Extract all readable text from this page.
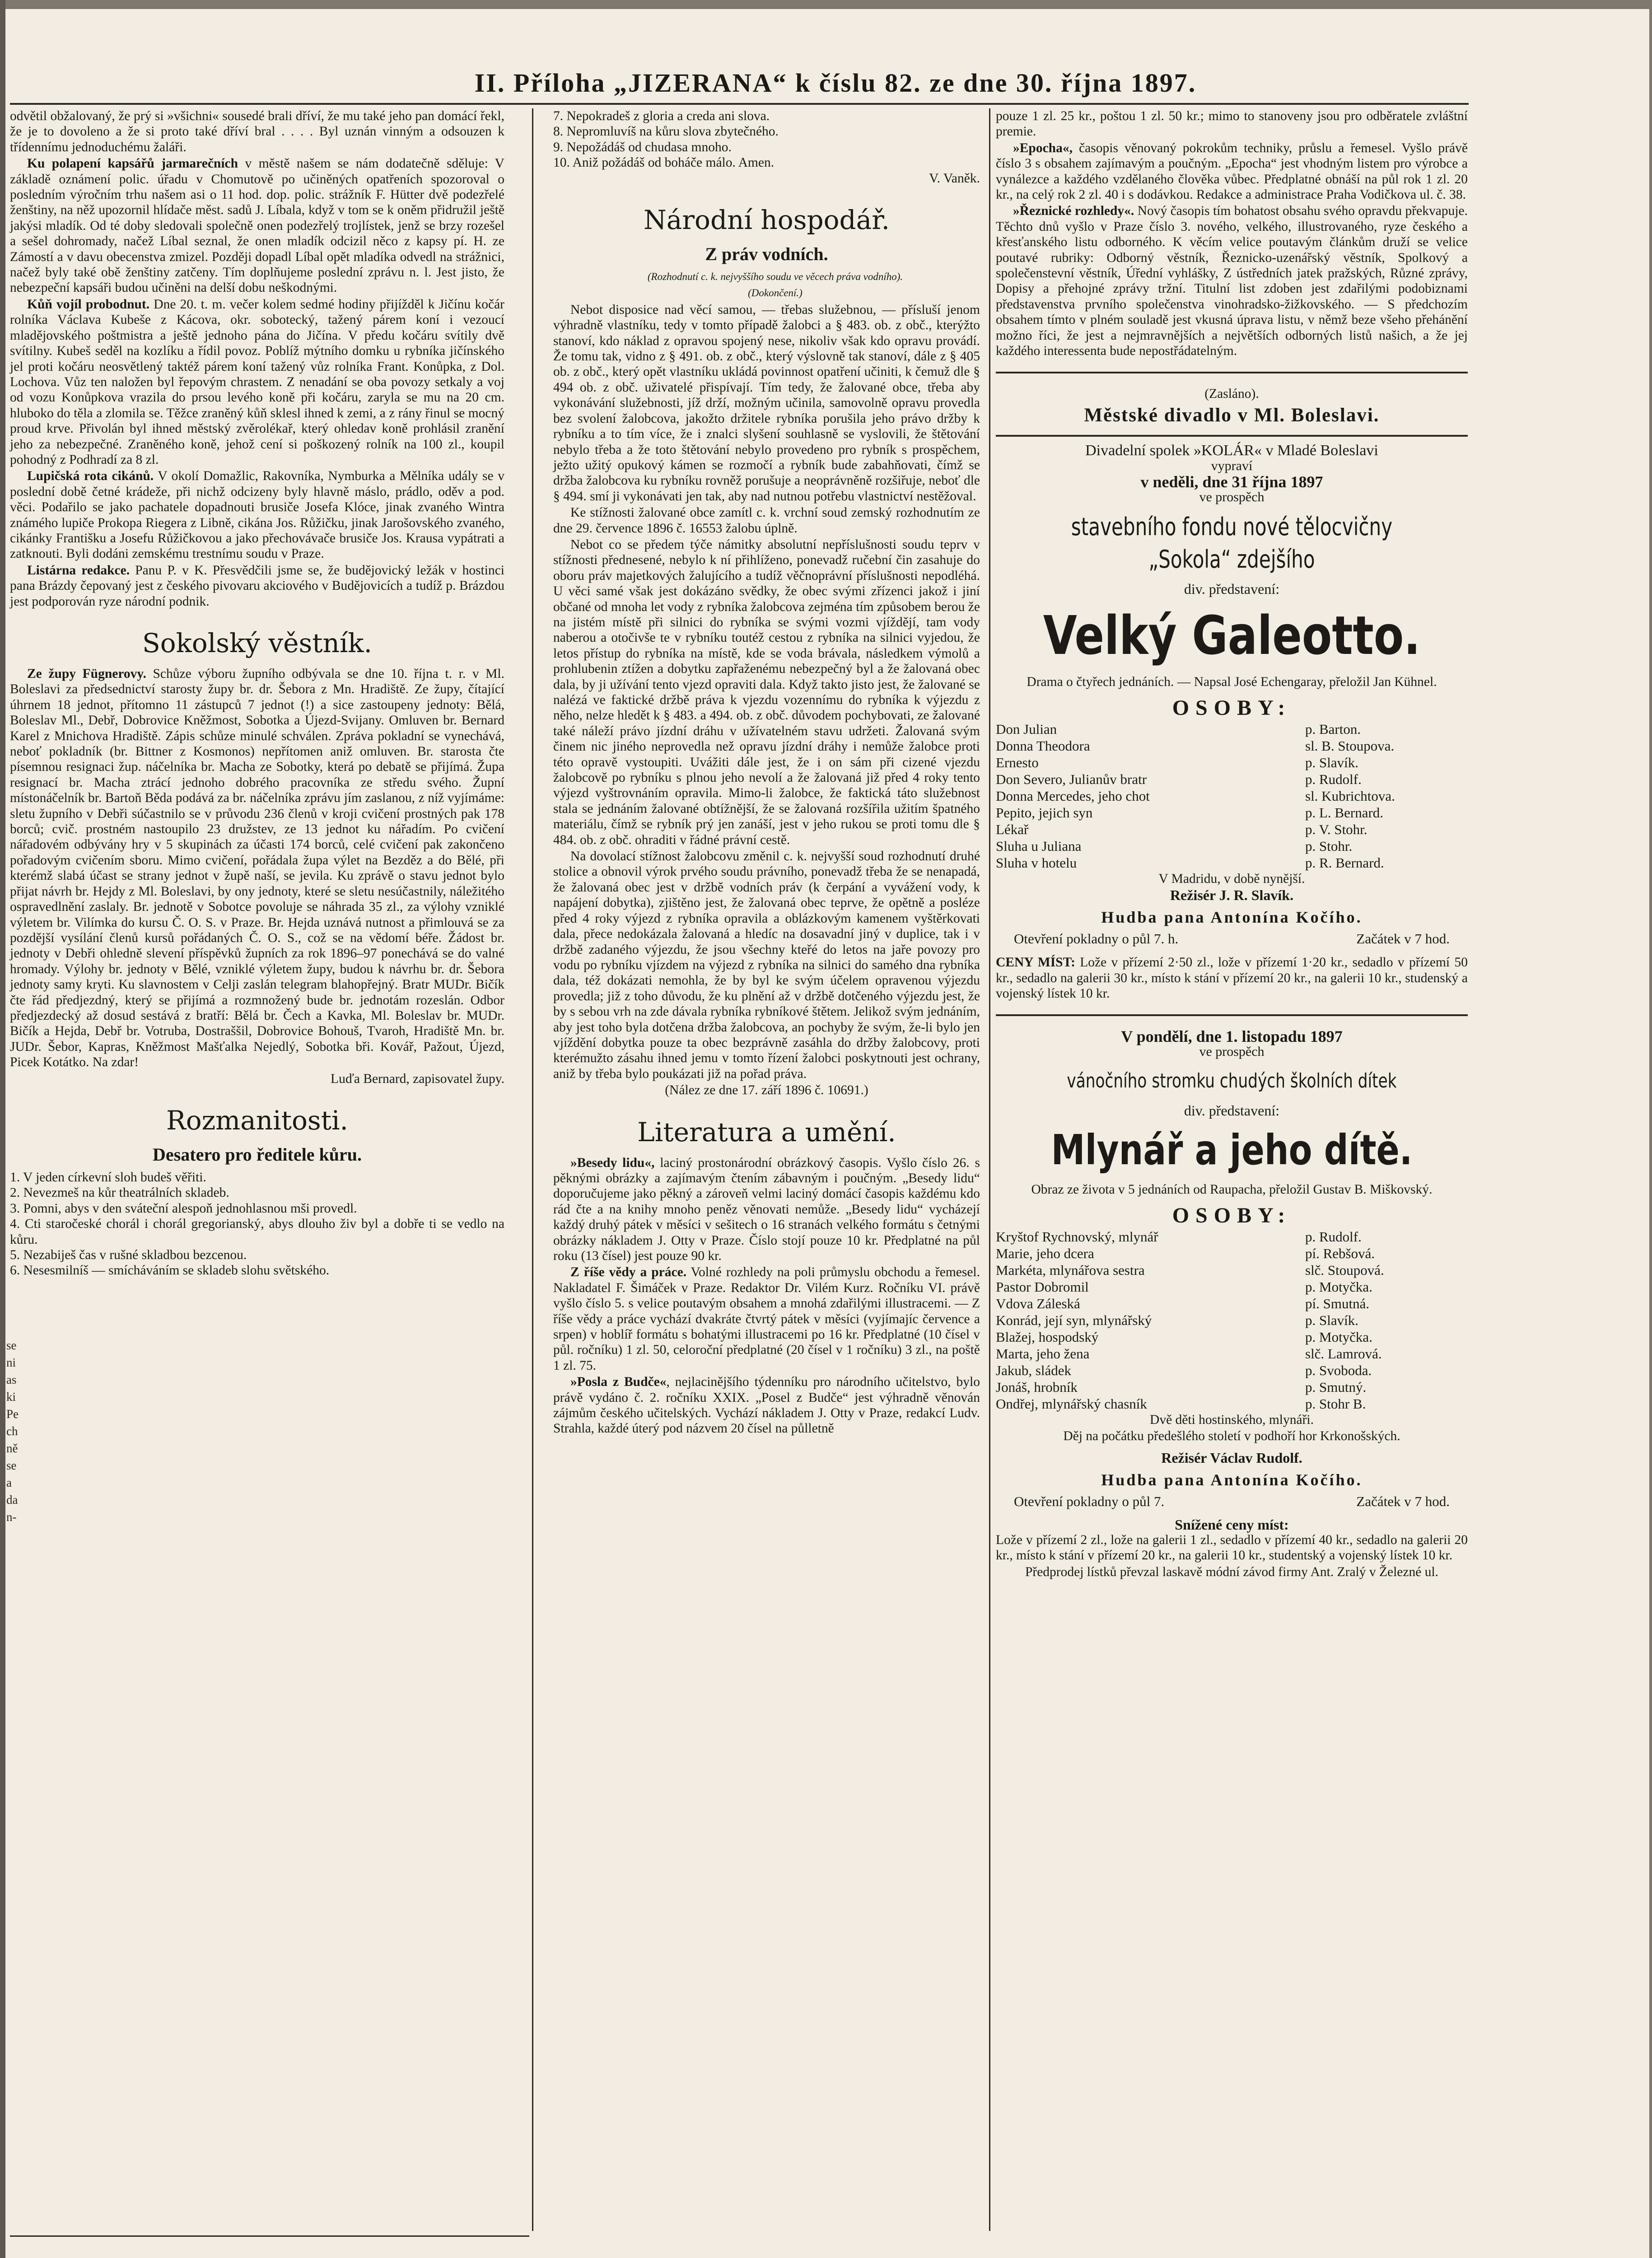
II. Příloha „JIZERANA“ k číslu 82. ze dne 30. října 1897.

odvětil obžalovaný, že prý si »všichni« sousedé brali dříví, že mu také jeho pan domácí řekl, že je to dovoleno a že si proto také dříví bral . . . . Byl uznán vinným a odsouzen k třídennímu jednoduchému žaláři.

Ku polapení kapsářů jarmarečních v městě našem se nám dodatečně sděluje: V základě oznámení polic. úřadu v Chomutově po učiněných opatřeních spozoroval o posledním výročním trhu našem asi o 11 hod. dop. polic. strážník F. Hütter dvě podezřelé ženštiny, na něž upozornil hlídače měst. sadů J. Líbala, když v tom se k oněm přidružil ještě jakýsi mladík. Od té doby sledovali společně onen podezřelý trojlístek, jenž se brzy rozešel a sešel dohromady, načež Líbal seznal, že onen mladík odcizil něco z kapsy pí. H. ze Zámostí a v davu obecenstva zmizel. Později dopadl Líbal opět mladíka odvedl na strážnici, načež byly také obě ženštiny zatčeny. Tím doplňujeme poslední zprávu n. l. Jest jisto, že nebezpeční kapsáři budou učiněni na delší dobu neškodnými.

Kůň vojíl probodnut. Dne 20. t. m. večer kolem sedmé hodiny přijížděl k Jičínu kočár rolníka Václava Kubeše z Kácova, okr. sobotecký, tažený párem koní i vezoucí mladějovského poštmistra a ještě jednoho pána do Jičína. V předu kočáru svítily dvě svítilny. Kubeš seděl na kozlíku a řídil povoz. Poblíž mýtního domku u rybníka jičínského jel proti kočáru neosvětlený taktéž párem koní tažený vůz rolníka Frant. Konůpka, z Dol. Lochova. Vůz ten naložen byl řepovým chrastem. Z nenadání se oba povozy setkaly a voj od vozu Konůpkova vrazila do prsou levého koně při kočáru, zaryla se mu na 20 cm. hluboko do těla a zlomila se. Těžce zraněný kůň sklesl ihned k zemi, a z rány řinul se mocný proud krve. Přivolán byl ihned městský zvěrolékař, který ohledav koně prohlásil zranění jeho za nebezpečné. Zraněného koně, jehož cení si poškozený rolník na 100 zl., koupil pohodný z Podhradí za 8 zl.

Lupičská rota cikánů. V okolí Domažlic, Rakovníka, Nymburka a Mělníka udály se v poslední době četné krádeže, při nichž odcizeny byly hlavně máslo, prádlo, oděv a pod. věci. Podařilo se jako pachatele dopadnouti brusiče Josefa Klóce, jinak zvaného Wintra známého lupiče Prokopa Riegera z Libně, cikána Jos. Růžičku, jinak Jarošovského zvaného, cikánky Františku a Josefu Růžičkovou a jako přechovávače brusiče Jos. Krausa vypátrati a zatknouti. Byli dodáni zemskému trestnímu soudu v Praze.

Listárna redakce. Panu P. v K. Přesvědčili jsme se, že budějovický ležák v hostinci pana Brázdy čepovaný jest z českého pivovaru akciového v Budějovicích a tudíž p. Brázdou jest podporován ryze národní podnik.

Sokolský věstník.

Ze župy Fügnerovy. Schůze výboru župního odbývala se dne 10. října t. r. v Ml. Boleslavi za předsednictví starosty župy br. dr. Šebora z Mn. Hradiště. Ze župy, čítající úhrnem 18 jednot, přítomno 11 zástupců 7 jednot (!) a sice zastoupeny jednoty: Bělá, Boleslav Ml., Debř, Dobrovice Kněžmost, Sobotka a Újezd-Svijany. Omluven br. Bernard Karel z Mnichova Hradiště. Zápis schůze minulé schválen. Zpráva pokladní se vynechává, neboť pokladník (br. Bittner z Kosmonos) nepřítomen aniž omluven. Br. starosta čte písemnou resignaci žup. náčelníka br. Macha ze Sobotky, která po debatě se přijímá. Župa resignací br. Macha ztrácí jednoho dobrého pracovníka ze středu svého. Župní místonáčelník br. Bartoň Běda podává za br. náčelníka zprávu jím zaslanou, z níž vyjímáme: sletu župního v Debři súčastnilo se v průvodu 236 členů v kroji cvičení prostných pak 178 borců; cvič. prostném nastoupilo 23 družstev, ze 13 jednot ku nářadím. Po cvičení nářadovém odbývány hry v 5 skupinách za účasti 174 borců, celé cvičení pak zakončeno pořadovým cvičením sboru. Mimo cvičení, pořádala župa výlet na Bezděz a do Bělé, při kterémž slabá účast se strany jednot v župě naší, se jevila. Ku zprávě o stavu jednot bylo přijat návrh br. Hejdy z Ml. Boleslavi, by ony jednoty, které se sletu nesúčastnily, náležitého ospravedlnění zaslaly. Br. jednotě v Sobotce povoluje se náhrada 35 zl., za výlohy vzniklé výletem br. Vilímka do kursu Č. O. S. v Praze. Br. Hejda uznává nutnost a přimlouvá se za pozdější vysílání členů kursů pořádaných Č. O. S., což se na vědomí béře. Žádost br. jednoty v Debři ohledně slevení příspěvků župních za rok 1896–97 ponechává se do valné hromady. Výlohy br. jednoty v Bělé, vzniklé výletem župy, budou k návrhu br. dr. Šebora jednoty samy kryti. Ku slavnostem v Celji zaslán telegram blahopřejný. Bratr MUDr. Bičík čte řád předjezdný, který se přijímá a rozmnožený bude br. jednotám rozeslán. Odbor předjezdecký až dosud sestává z bratří: Bělá br. Čech a Kavka, Ml. Boleslav br. MUDr. Bičík a Hejda, Debř br. Votruba, Dostraššil, Dobrovice Bohouš, Tvaroh, Hradiště Mn. br. JUDr. Šebor, Kapras, Kněžmost Mašťalka Nejedlý, Sobotka bři. Kovář, Pažout, Újezd, Picek Kotátko. Na zdar!

Luďa Bernard, zapisovatel župy.

Rozmanitosti.
Desatero pro ředitele kůru.

1. V jeden církevní sloh budeš věřiti.

2. Nevezmeš na kůr theatrálních skladeb.

3. Pomni, abys v den sváteční alespoň jednohlasnou mši provedl.

4. Cti staročeské chorál i chorál gregorianský, abys dlouho živ byl a dobře ti se vedlo na kůru.

5. Nezabiješ čas v rušné skladbou bezcenou.

6. Nesesmilníš — smícháváním se skladeb slohu světského.

7. Nepokradeš z gloria a creda ani slova.

8. Nepromluvíš na kůru slova zbytečného.

9. Nepožádáš od chudasa mnoho.

10. Aniž požádáš od boháče málo. Amen.

V. Vaněk.

Národní hospodář.
Z práv vodních.

(Rozhodnutí c. k. nejvyššího soudu ve věcech práva vodního).

(Dokončení.)

Nebot disposice nad věcí samou, — třebas služebnou, — přísluší jenom výhradně vlastníku, tedy v tomto případě žalobci a § 483. ob. z obč., kterýžto stanoví, kdo náklad z opravou spojený nese, nikoliv však kdo opravu provádí. Že tomu tak, vidno z § 491. ob. z obč., který výslovně tak stanoví, dále z § 405 ob. z obč., který opět vlastníku ukládá povinnost opatření učiniti, k čemuž dle § 494 ob. z obč. uživatelé přispívají. Tím tedy, že žalované obce, třeba aby vykonávání služebnosti, jíž drží, možným učinila, samovolně opravu provedla bez svolení žalobcova, jakožto držitele rybníka porušila jeho právo držby k rybníku a to tím více, že i znalci slyšení souhlasně se vyslovili, že štětování nebylo třeba a že toto štětování nebylo provedeno pro rybník s prospěchem, ježto užitý opukový kámen se rozmočí a rybník bude zabahňovati, čímž se držba žalobcova ku rybníku rovněž porušuje a neoprávněně rozšiřuje, neboť dle § 494. smí ji vykonávati jen tak, aby nad nutnou potřebu vlastnictví nestěžoval.

Ke stížnosti žalované obce zamítl c. k. vrchní soud zemský rozhodnutím ze dne 29. července 1896 č. 16553 žalobu úplně.

Nebot co se předem týče námitky absolutní nepříslušnosti soudu teprv v stížnosti přednesené, nebylo k ní přihlíženo, ponevadž ručební čin zasahuje do oboru práv majetkových žalujícího a tudíž věčnoprávní příslušnosti nepodléhá. U věci samé však jest dokázáno svědky, že obec svými zřízenci jakož i jiní občané od mnoha let vody z rybníka žalobcova zejména tím způsobem berou že na jistém místě při silnici do rybníka se svými vozmi vjíždějí, tam vody naberou a otočivše te v rybníku toutéž cestou z rybníka na silnici vyjedou, že letos přístup do rybníka na místě, kde se voda brávala, následkem výmolů a prohlubenin ztížen a dobytku zapřaženému nebezpečný byl a že žalovaná obec dala, by ji užívání tento vjezd opraviti dala. Když takto jisto jest, že žalované se nalézá ve faktické držbě práva k vjezdu vozennímu do rybníka k výjezdu z něho, nelze hledět k § 483. a 494. ob. z obč. důvodem pochybovati, ze žalované také náleží právo jízdní dráhu v užívatelném stavu udržeti. Žalovaná svým činem nic jiného neprovedla než opravu jízdní dráhy i nemůže žalobce proti této opravě vystoupiti. Uvážiti dále jest, že i on sám při cizené vjezdu žalobcově po rybníku s plnou jeho nevolí a že žalovaná již před 4 roky tento výjezd vyštrovnáním opravila. Mimo-li žalobce, že faktická táto služebnost stala se jednáním žalované obtížnější, že se žalovaná rozšířila užitím špatného materiálu, čímž se rybník prý jen zanáší, jest v jeho rukou se proti tomu dle § 484. ob. z obč. ohraditi v řádné právní cestě.

Na dovolací stížnost žalobcovu změnil c. k. nejvyšší soud rozhodnutí druhé stolice a obnovil výrok prvého soudu právního, ponevadž třeba že se nenapadá, že žalovaná obec jest v držbě vodních práv (k čerpání a vyvážení vody, k napájení dobytka), zjištěno jest, že žalovaná obec teprve, že opětně a posléze před 4 roky výjezd z rybníka opravila a oblázkovým kamenem vyštěrkovati dala, přece nedokázala žalovaná a hledíc na dosavadní jiný v duplice, tak i v držbě zadaného výjezdu, že jsou všechny kteřé do letos na jaře povozy pro vodu po rybníku vjízdem na výjezd z rybníka na silnici do samého dna rybníka dala, též dokázati nemohla, že by byl ke svým účelem opravenou výjezdu provedla; již z toho důvodu, že ku plnění až v držbě dotčeného výjezdu jest, že by s sebou vrh na zde dávala rybníka rybníkové štětem. Jelikož svým jednáním, aby jest toho byla dotčena držba žalobcova, an pochyby že svým, že-li bylo jen vjíždění dobytka pouze ta obec bezprávně zasáhla do držby žalobcovy, proti kterémužto zásahu ihned jemu v tomto řízení žalobci poskytnouti jest ochrany, aniž by třeba bylo poukázati již na pořad práva.

(Nález ze dne 17. září 1896 č. 10691.)

Literatura a umění.

»Besedy lidu«, laciný prostonárodní obrázkový časopis. Vyšlo číslo 26. s pěknými obrázky a zajímavým čtením zábavným i poučným. „Besedy lidu“ doporučujeme jako pěkný a zároveň velmi laciný domácí časopis každému kdo rád čte a na knihy mnoho peněz věnovati nemůže. „Besedy lidu“ vycházejí každý druhý pátek v měsíci v sešitech o 16 stranách velkého formátu s četnými obrázky nákladem J. Otty v Praze. Číslo stojí pouze 10 kr. Předplatné na půl roku (13 čísel) jest pouze 90 kr.

Z říše vědy a práce. Volné rozhledy na poli průmyslu obchodu a řemesel. Nakladatel F. Šimáček v Praze. Redaktor Dr. Vilém Kurz. Ročníku VI. právě vyšlo číslo 5. s velice poutavým obsahem a mnohá zdařilými illustracemi. — Z říše vědy a práce vychází dvakráte čtvrtý pátek v měsíci (vyjímajíc července a srpen) v hoblíř formátu s bohatými illustracemi po 16 kr. Předplatné (10 čísel v půl. ročníku) 1 zl. 50, celoroční předplatné (20 čísel v 1 ročníku) 3 zl., na poště 1 zl. 75.

»Posla z Budče«, nejlacinějšího týdenníku pro národního učitelstvo, bylo právě vydáno č. 2. ročníku XXIX. „Posel z Budče“ jest výhradně věnován zájmům českého učitelských. Vychází nákladem J. Otty v Praze, redakcí Ludv. Strahla, každé úterý pod názvem 20 čísel na půlletně

pouze 1 zl. 25 kr., poštou 1 zl. 50 kr.; mimo to stanoveny jsou pro odběratele zvláštní premie.

»Epocha«, časopis věnovaný pokrokům techniky, průslu a řemesel. Vyšlo právě číslo 3 s obsahem zajímavým a poučným. „Epocha“ jest vhodným listem pro výrobce a vynálezce a každého vzdělaného člověka vůbec. Předplatné obnáší na půl rok 1 zl. 20 kr., na celý rok 2 zl. 40 i s dodávkou. Redakce a administrace Praha Vodičkova ul. č. 38.

»Řeznické rozhledy«. Nový časopis tím bohatost obsahu svého opravdu překvapuje. Těchto dnů vyšlo v Praze číslo 3. nového, velkého, illustrovaného, ryze českého a křesťanského listu odborného. K věcím velice poutavým článkům druží se velice poutavé rubriky: Odborný věstník, Řeznicko-uzenářský věstník, Spolkový a společenstevní věstník, Úřední vyhlášky, Z ústředních jatek pražských, Různé zprávy, Dopisy a přehojné zprávy tržní. Titulní list zdoben jest zdařilými podobiznami představenstva prvního společenstva vinohradsko-žižkovského. — S předchozím obsahem tímto v plném souladě jest vkusná úprava listu, v němž beze všeho přehánění možno říci, že jest a nejmravnějších a největších odborných listů našich, a že jej každého interessenta bude nepostřádatelným.

(Zasláno).

Městské divadlo v Ml. Boleslavi.
Divadelní spolek »KOLÁR« v Mladé Boleslavi
vypraví
v neděli, dne 31 října 1897
ve prospěch
stavebního fondu nové tělocvičny „Sokola“ zdejšího
div. představení:
Velký Galeotto.

Drama o čtyřech jednáních. — Napsal José Echengaray, přeložil Jan Kühnel.

OSOBY:
Don Julian	p. Barton.
Donna Theodora	sl. B. Stoupova.
Ernesto	p. Slavík.
Don Severo, Julianův bratr	p. Rudolf.
Donna Mercedes, jeho chot	sl. Kubrichtova.
Pepito, jejich syn	p. L. Bernard.
Lékař	p. V. Stohr.
Sluha u Juliana	p. Stohr.
Sluha v hotelu	p. R. Bernard.

V Madridu, v době nynější.

Režisér J. R. Slavík.
Hudba pana Antonína Kočího.
Otevření pokladny o půl 7. h.	Začátek v 7 hod.

CENY MÍST: Lože v přízemí 2·50 zl., lože v přízemí 1·20 kr., sedadlo v přízemí 50 kr., sedadlo na galerii 30 kr., místo k stání v přízemí 20 kr., na galerii 10 kr., studenský a vojenský lístek 10 kr.

V pondělí, dne 1. listopadu 1897
ve prospěch
vánočního stromku chudých školních dítek
div. představení:
Mlynář a jeho dítě.

Obraz ze života v 5 jednáních od Raupacha, přeložil Gustav B. Miškovský.

OSOBY:
Kryštof Rychnovský, mlynář	p. Rudolf.
Marie, jeho dcera	pí. Rebšová.
Markéta, mlynářova sestra	slč. Stoupová.
Pastor Dobromil	p. Motyčka.
Vdova Záleská	pí. Smutná.
Konrád, její syn, mlynářský	p. Slavík.
Blažej, hospodský	p. Motyčka.
Marta, jeho žena	slč. Lamrová.
Jakub, sládek	p. Svoboda.
Jonáš, hrobník	p. Smutný.
Ondřej, mlynářský chasník	p. Stohr B.

Dvě děti hostinského, mlynáři.

Děj na počátku předešlého století v podhoří hor Krkonošských.

Režisér Václav Rudolf.
Hudba pana Antonína Kočího.
Otevření pokladny o půl 7.	Začátek v 7 hod.
Snížené ceny míst:

Lože v přízemí 2 zl., lože na galerii 1 zl., sedadlo v přízemí 40 kr., sedadlo na galerii 20 kr., místo k stání v přízemí 20 kr., na galerii 10 kr., studentský a vojenský lístek 10 kr.

Předprodej lístků převzal laskavě módní závod firmy Ant. Zralý v Železné ul.

se
ni
as
ki
Pe
ch
ně
se
a
da
n-
